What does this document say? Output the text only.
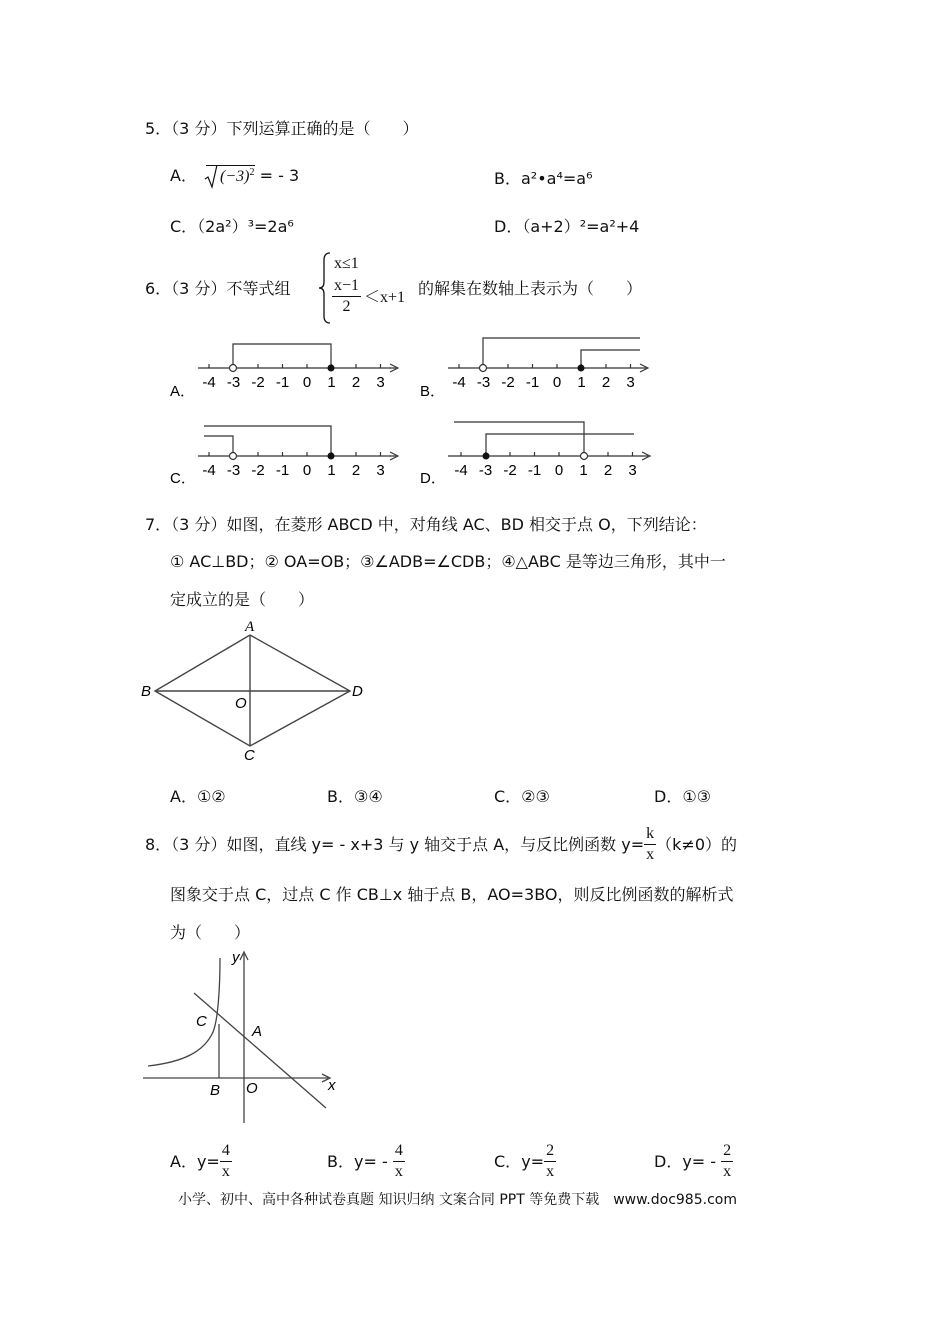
5．（3 分）下列运算正确的是（　　）
A． $(-3)^2$ = ‐ 3	B．a²•a⁴=a⁶
C．（2a²）³=2a⁶	D．（a+2）²=a²+4
6．（3 分）不等式组
x≤1
$\frac{x-1}{2} <x+1$ 的解集在数轴上表示为（　　）
A．
-4 -3 -2 -1 0 1 2 3
B．
-4 -3 -2 -1 0 1 2 3
C． -4 -3 -2 -1 0 1 2 3 D． -4 -3 -2 -1 0 1 2 3
7．（3 分）如图，在菱形 ABCD 中，对角线 AC、BD 相交于点 O，下列结论：
① AC⊥BD；② OA=OB；③∠ADB=∠CDB；④△ABC 是等边三角形，其中一
定成立的是（　　）
A
B	D
O
C
A．①②	B．③④	C．②③	D．①③
8．（3 分）如图，直线 y= ‐ x+3 与 y 轴交于点 A，与反比例函数 $y= \frac{k}{x} (k\ne 0)$的
图象交于点 C，过点 C 作 CB⊥x 轴于点 B，AO=3BO，则反比例函数的解析式
为（　　）
y
x
C
A
B O
A．$y= \frac{4}{x}$	B．y= ‐ $\frac{4}{x}$	C．$y= \frac{2}{x}$	D．y= ‐ $\frac{2}{x}$
小学、初中、高中各种试卷真题 知识归纳 文案合同 PPT 等免费下载　www.doc985.com
